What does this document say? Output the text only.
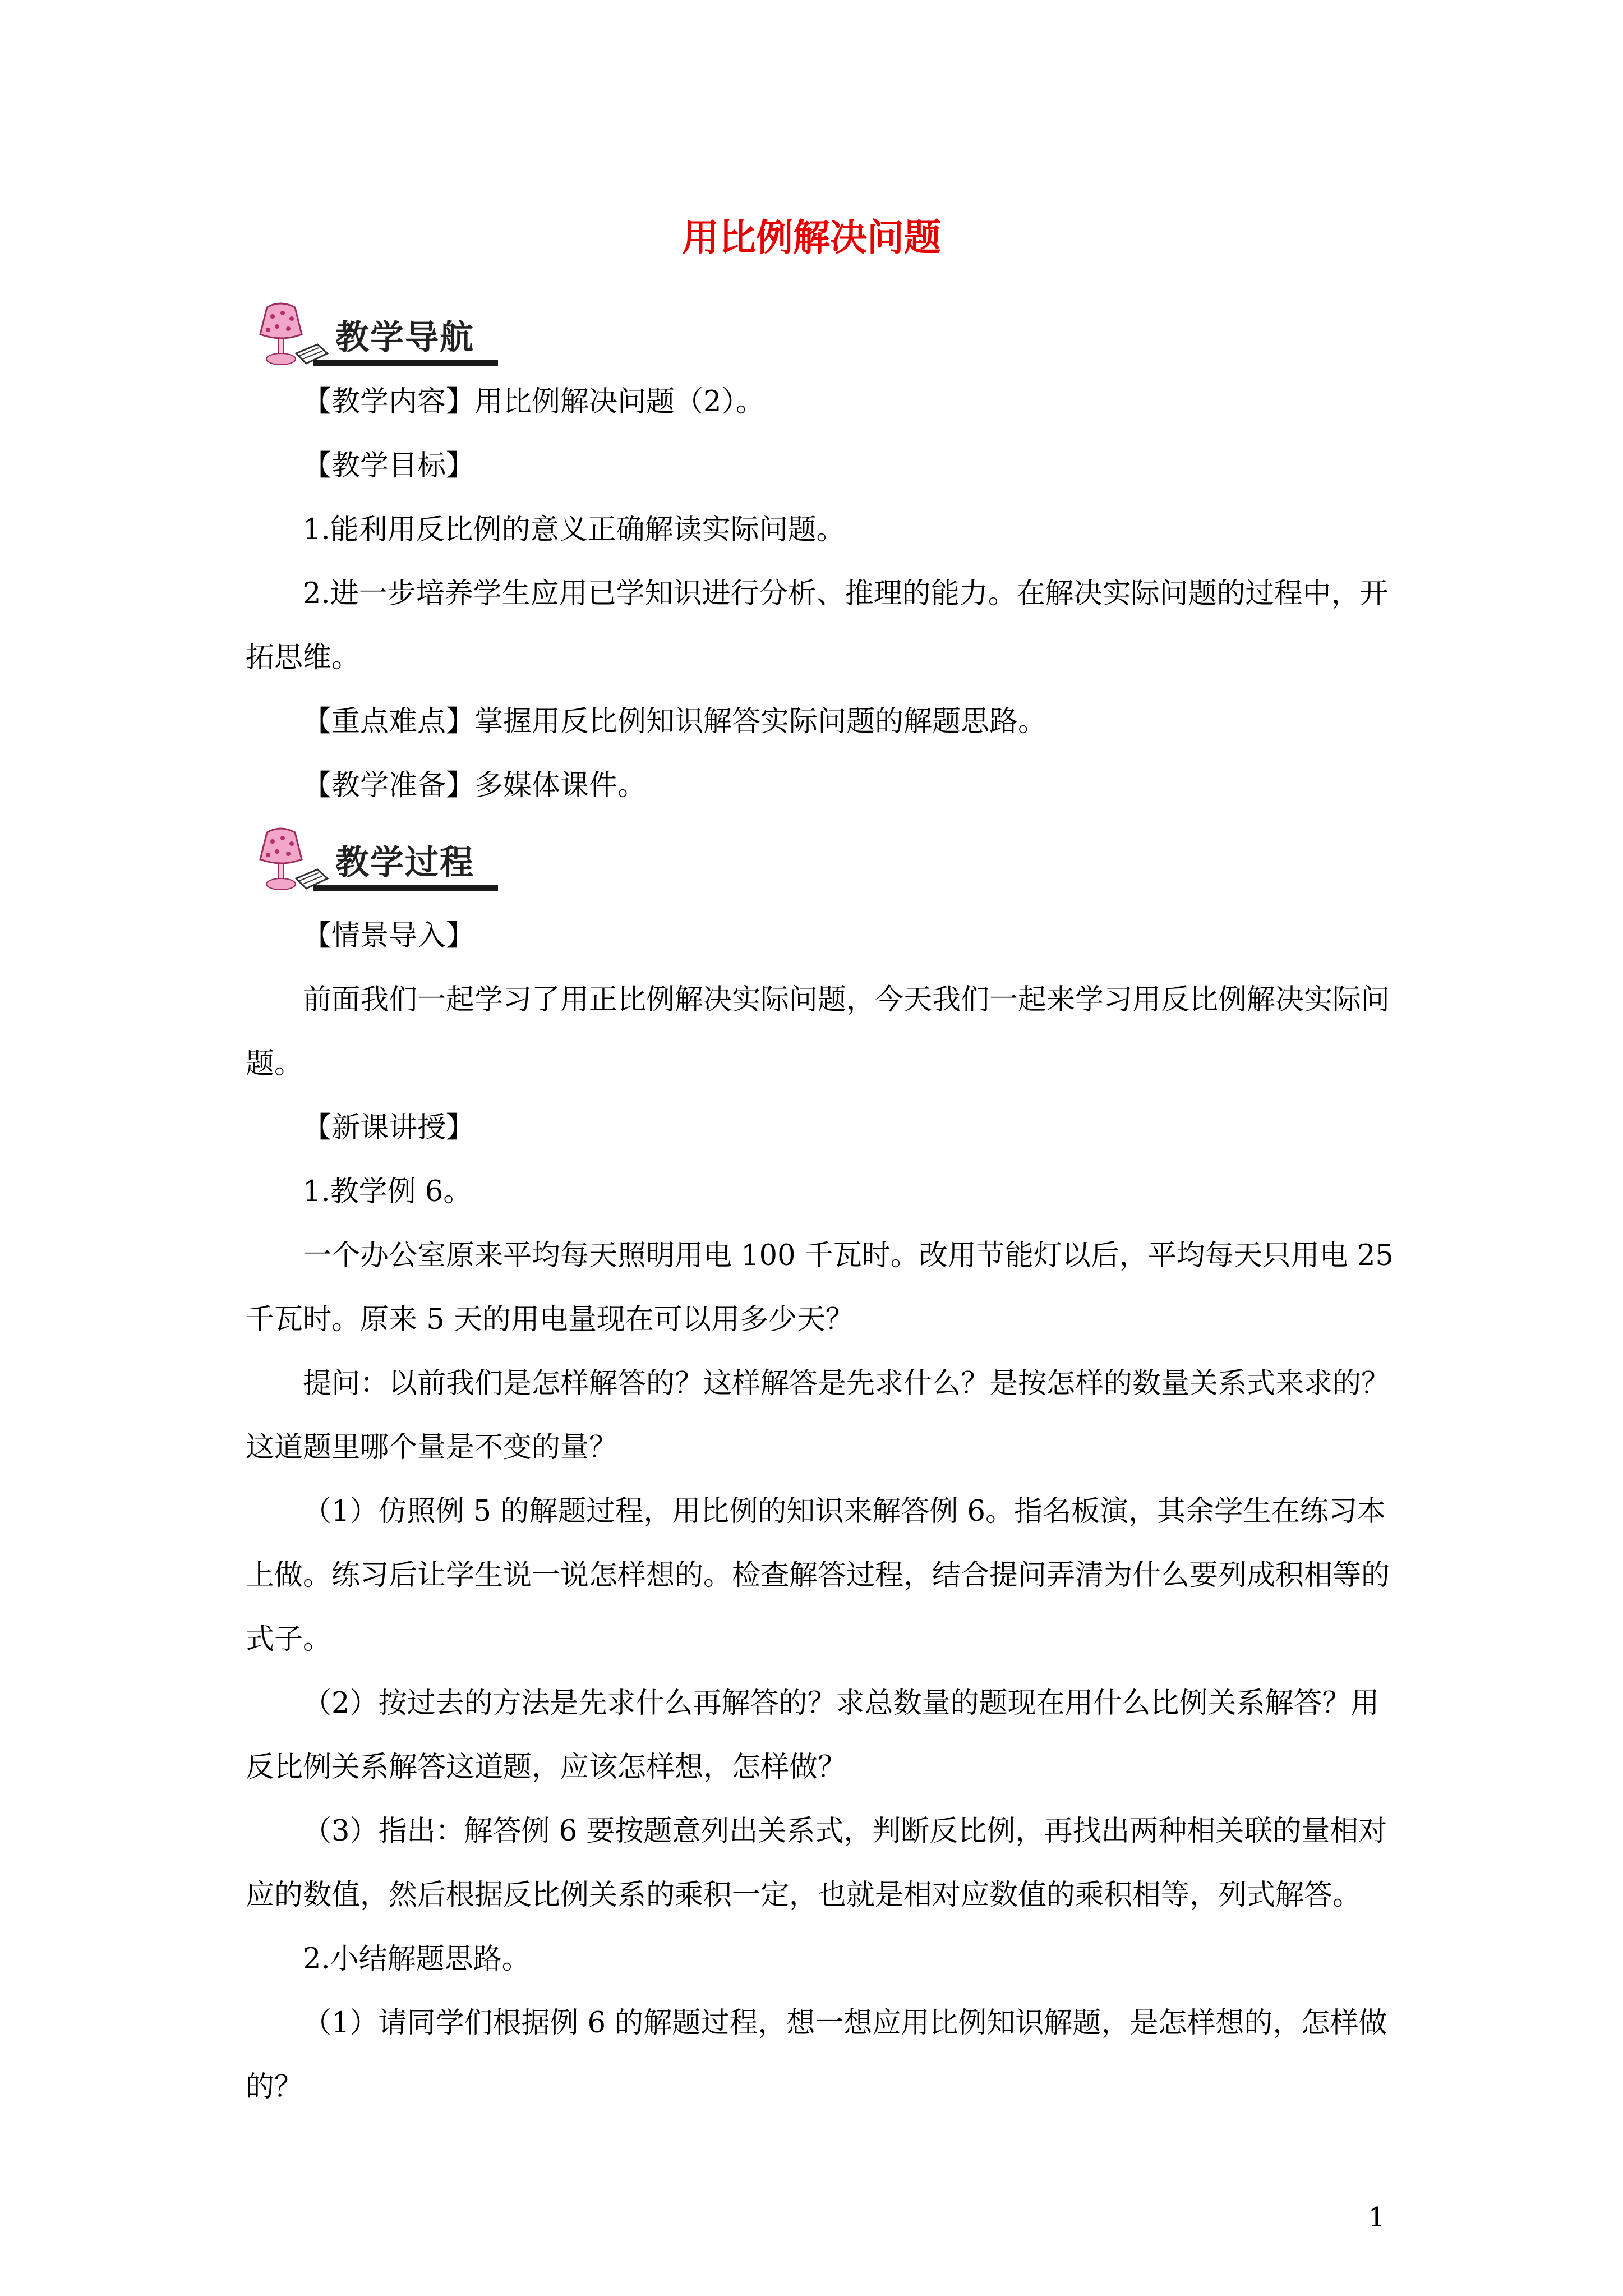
用比例解决问题
教学导航
【教学内容】用比例解决问题（2）。
【教学目标】
1.能利用反比例的意义正确解读实际问题。
2.进一步培养学生应用已学知识进行分析、推理的能力。在解决实际问题的过程中，开
拓思维。
【重点难点】掌握用反比例知识解答实际问题的解题思路。
【教学准备】多媒体课件。
教学过程
【情景导入】
前面我们一起学习了用正比例解决实际问题，今天我们一起来学习用反比例解决实际问
题。
【新课讲授】
1.教学例 6。
一个办公室原来平均每天照明用电 100 千瓦时。改用节能灯以后，平均每天只用电 25
千瓦时。原来 5 天的用电量现在可以用多少天？
提问：以前我们是怎样解答的？这样解答是先求什么？是按怎样的数量关系式来求的？
这道题里哪个量是不变的量？
（1）仿照例 5 的解题过程，用比例的知识来解答例 6。指名板演，其余学生在练习本
上做。练习后让学生说一说怎样想的。检查解答过程，结合提问弄清为什么要列成积相等的
式子。
（2）按过去的方法是先求什么再解答的？求总数量的题现在用什么比例关系解答？用
反比例关系解答这道题，应该怎样想，怎样做？
（3）指出：解答例 6 要按题意列出关系式，判断反比例，再找出两种相关联的量相对
应的数值，然后根据反比例关系的乘积一定，也就是相对应数值的乘积相等，列式解答。
2.小结解题思路。
（1）请同学们根据例 6 的解题过程，想一想应用比例知识解题，是怎样想的，怎样做
的？
1
